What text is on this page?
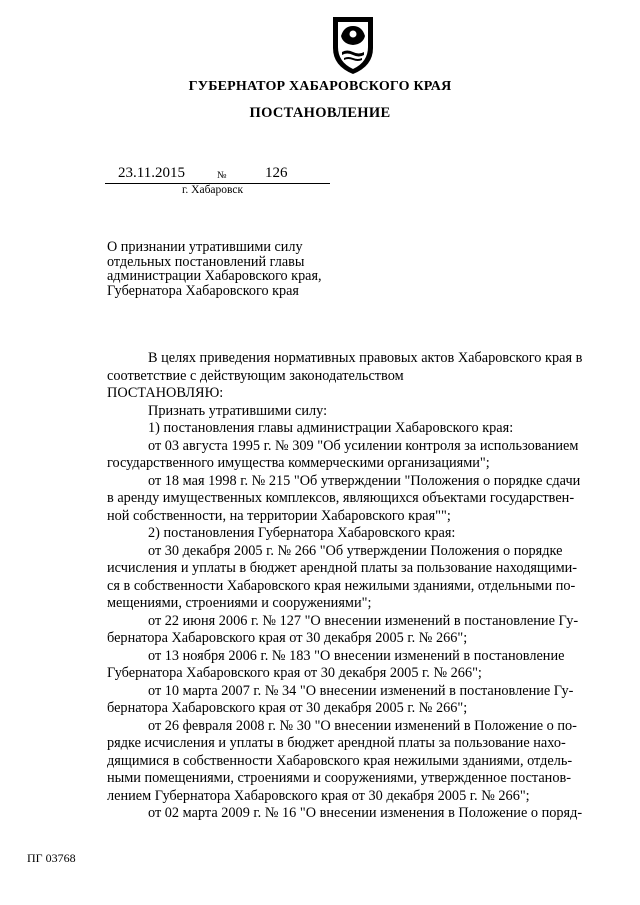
ГУБЕРНАТОР ХАБАРОВСКОГО КРАЯ
ПОСТАНОВЛЕНИЕ
23.11.2015	№	126
г. Хабаровск
О признании утратившими силу
отдельных постановлений главы
администрации Хабаровского края,
Губернатора Хабаровского края
В целях приведения нормативных правовых актов Хабаровского края в
соответствие с действующим законодательством
ПОСТАНОВЛЯЮ:
Признать утратившими силу:
1) постановления главы администрации Хабаровского края:
от 03 августа 1995 г. № 309 "Об усилении контроля за использованием
государственного имущества коммерческими организациями";
от 18 мая 1998 г. № 215 "Об утверждении "Положения о порядке сдачи
в аренду имущественных комплексов, являющихся объектами государствен-
ной собственности, на территории Хабаровского края"";
2) постановления Губернатора Хабаровского края:
от 30 декабря 2005 г. № 266 "Об утверждении Положения о порядке
исчисления и уплаты в бюджет арендной платы за пользование находящими-
ся в собственности Хабаровского края нежилыми зданиями, отдельными по-
мещениями, строениями и сооружениями";
от 22 июня 2006 г. № 127 "О внесении изменений в постановление Гу-
бернатора Хабаровского края от 30 декабря 2005 г. № 266";
от 13 ноября 2006 г. № 183 "О внесении изменений в постановление
Губернатора Хабаровского края от 30 декабря 2005 г. № 266";
от 10 марта 2007 г. № 34 "О внесении изменений в постановление Гу-
бернатора Хабаровского края от 30 декабря 2005 г. № 266";
от 26 февраля 2008 г. № 30 "О внесении изменений в Положение о по-
рядке исчисления и уплаты в бюджет арендной платы за пользование нахо-
дящимися в собственности Хабаровского края нежилыми зданиями, отдель-
ными помещениями, строениями и сооружениями, утвержденное постанов-
лением Губернатора Хабаровского края от 30 декабря 2005 г. № 266";
от 02 марта 2009 г. № 16 "О внесении изменения в Положение о поряд-
ПГ 03768
